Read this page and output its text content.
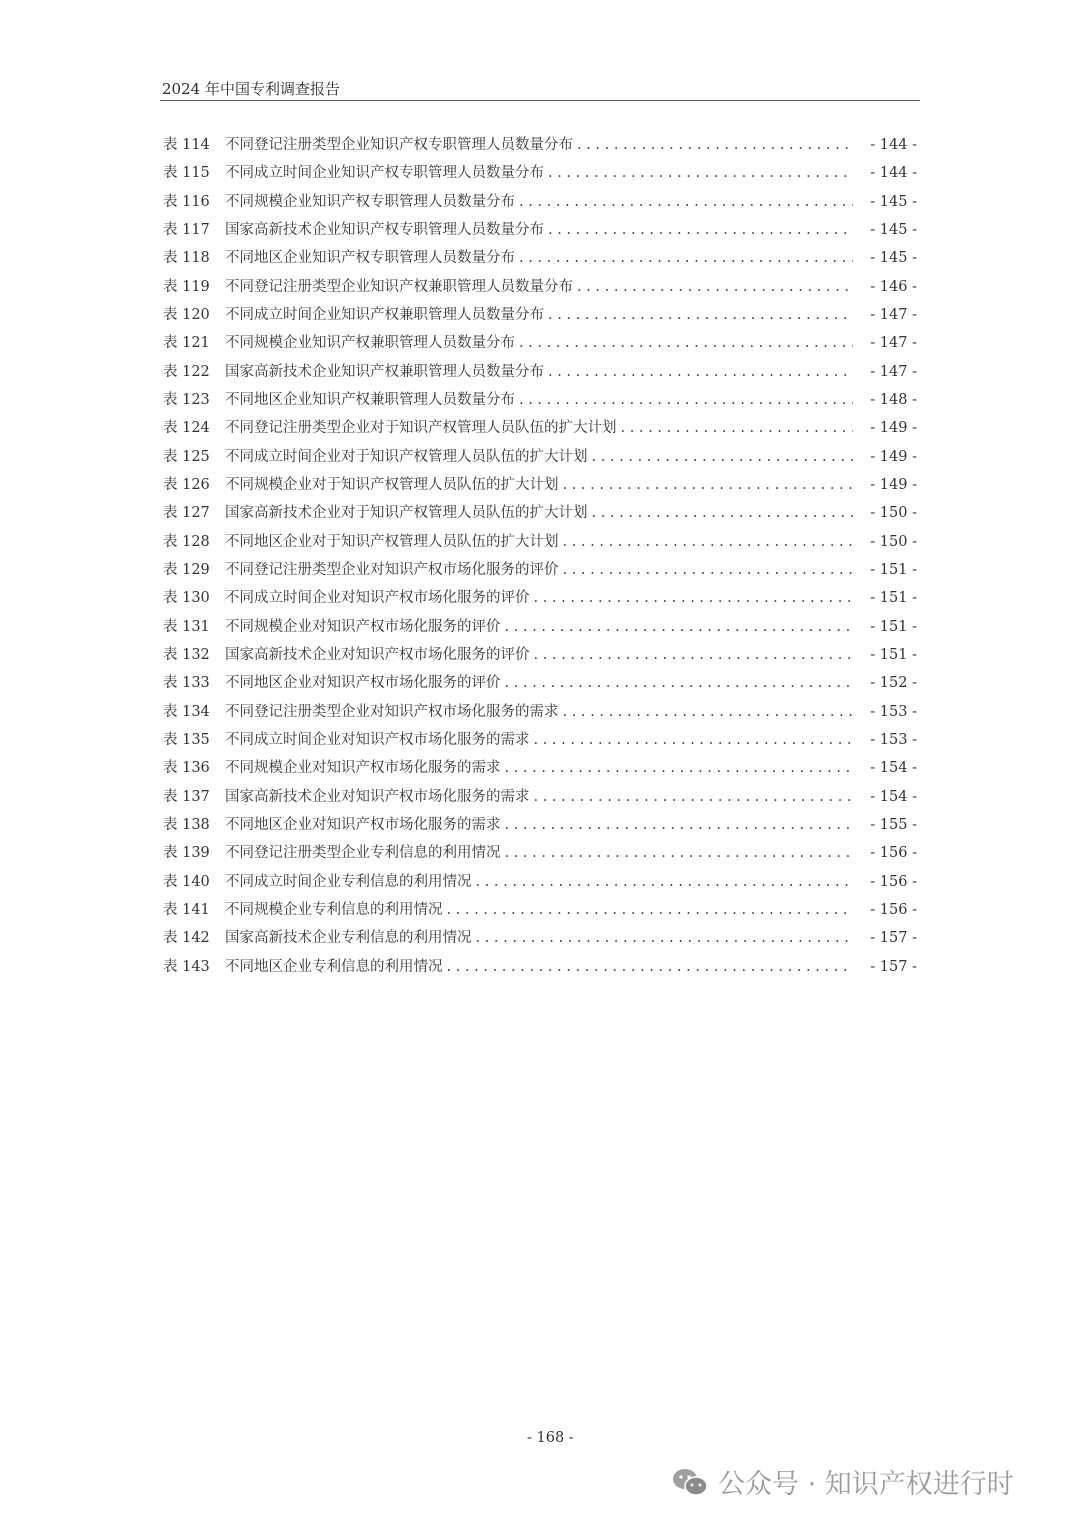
2024 年中国专利调查报告
表 114	不同登记注册类型企业知识产权专职管理人员数量分布 . . .	- 144 -
表 115	不同成立时间企业知识产权专职管理人员数量分布 . . .	- 144 -
表 116	不同规模企业知识产权专职管理人员数量分布 . . .	- 145 -
表 117	国家高新技术企业知识产权专职管理人员数量分布 . . .	- 145 -
表 118	不同地区企业知识产权专职管理人员数量分布 . . .	- 145 -
表 119	不同登记注册类型企业知识产权兼职管理人员数量分布 . . .	- 146 -
表 120	不同成立时间企业知识产权兼职管理人员数量分布 . . .	- 147 -
表 121	不同规模企业知识产权兼职管理人员数量分布 . . .	- 147 -
表 122	国家高新技术企业知识产权兼职管理人员数量分布 . . .	- 147 -
表 123	不同地区企业知识产权兼职管理人员数量分布 . . .	- 148 -
表 124	不同登记注册类型企业对于知识产权管理人员队伍的扩大计划 . . .	- 149 -
表 125	不同成立时间企业对于知识产权管理人员队伍的扩大计划 . . .	- 149 -
表 126	不同规模企业对于知识产权管理人员队伍的扩大计划 . . .	- 149 -
表 127	国家高新技术企业对于知识产权管理人员队伍的扩大计划 . . .	- 150 -
表 128	不同地区企业对于知识产权管理人员队伍的扩大计划 . . .	- 150 -
表 129	不同登记注册类型企业对知识产权市场化服务的评价 . . .	- 151 -
表 130	不同成立时间企业对知识产权市场化服务的评价 . . .	- 151 -
表 131	不同规模企业对知识产权市场化服务的评价 . . .	- 151 -
表 132	国家高新技术企业对知识产权市场化服务的评价 . . .	- 151 -
表 133	不同地区企业对知识产权市场化服务的评价 . . .	- 152 -
表 134	不同登记注册类型企业对知识产权市场化服务的需求 . . .	- 153 -
表 135	不同成立时间企业对知识产权市场化服务的需求 . . .	- 153 -
表 136	不同规模企业对知识产权市场化服务的需求 . . .	- 154 -
表 137	国家高新技术企业对知识产权市场化服务的需求 . . .	- 154 -
表 138	不同地区企业对知识产权市场化服务的需求 . . .	- 155 -
表 139	不同登记注册类型企业专利信息的利用情况 . . .	- 156 -
表 140	不同成立时间企业专利信息的利用情况 . . .	- 156 -
表 141	不同规模企业专利信息的利用情况 . . .	- 156 -
表 142	国家高新技术企业专利信息的利用情况 . . .	- 157 -
表 143	不同地区企业专利信息的利用情况 . . .	- 157 -
- 168 -
公众号 · 知识产权进行时
